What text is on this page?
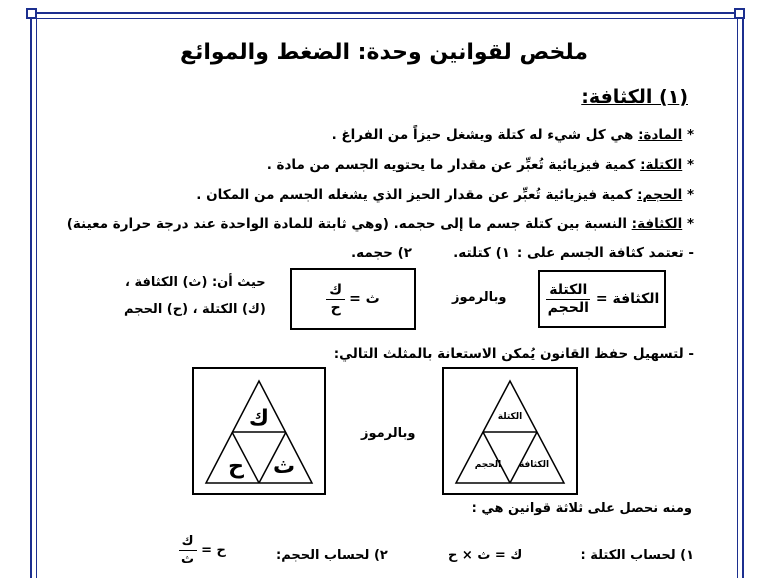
ملخص لقوانين وحدة: الضغط والموائع
(١) الكثافة:
* المادة: هي كل شيء له كتلة ويشغل حيزاً من الفراغ .
* الكتلة: كمية فيزيائية تُعبِّر عن مقدار ما يحتويه الجسم من مادة .
* الحجم: كمية فيزيائية تُعبِّر عن مقدار الحيز الذي يشغله الجسم من المكان .
* الكثافة: النسبة بين كتلة جسم ما إلى حجمه. (وهي ثابتة للمادة الواحدة عند درجة حرارة معينة)
- تعتمد كثافة الجسم على :
١) كتلته.
٢) حجمه.
الكثافة =
$\frac{\text{الكتلة}}{\text{الحجم}}$
وبالرموز
ث =
$\frac{\text{ك}}{\text{ح}}$
حيث أن: (ث) الكثافة ،
(ك) الكتلة ، (ح) الحجم
- لتسهيل حفظ القانون يُمكن الاستعانة بالمثلث التالي:
الكتلة
الحجم الكثافة
وبالرموز
ك
ح ث
ومنه نحصل على ثلاثة قوانين هي :
١) لحساب الكتلة :
ك = ث × ح
٢) لحساب الحجم:
ح =
$\frac{\text{ك}}{\text{ث}}$
